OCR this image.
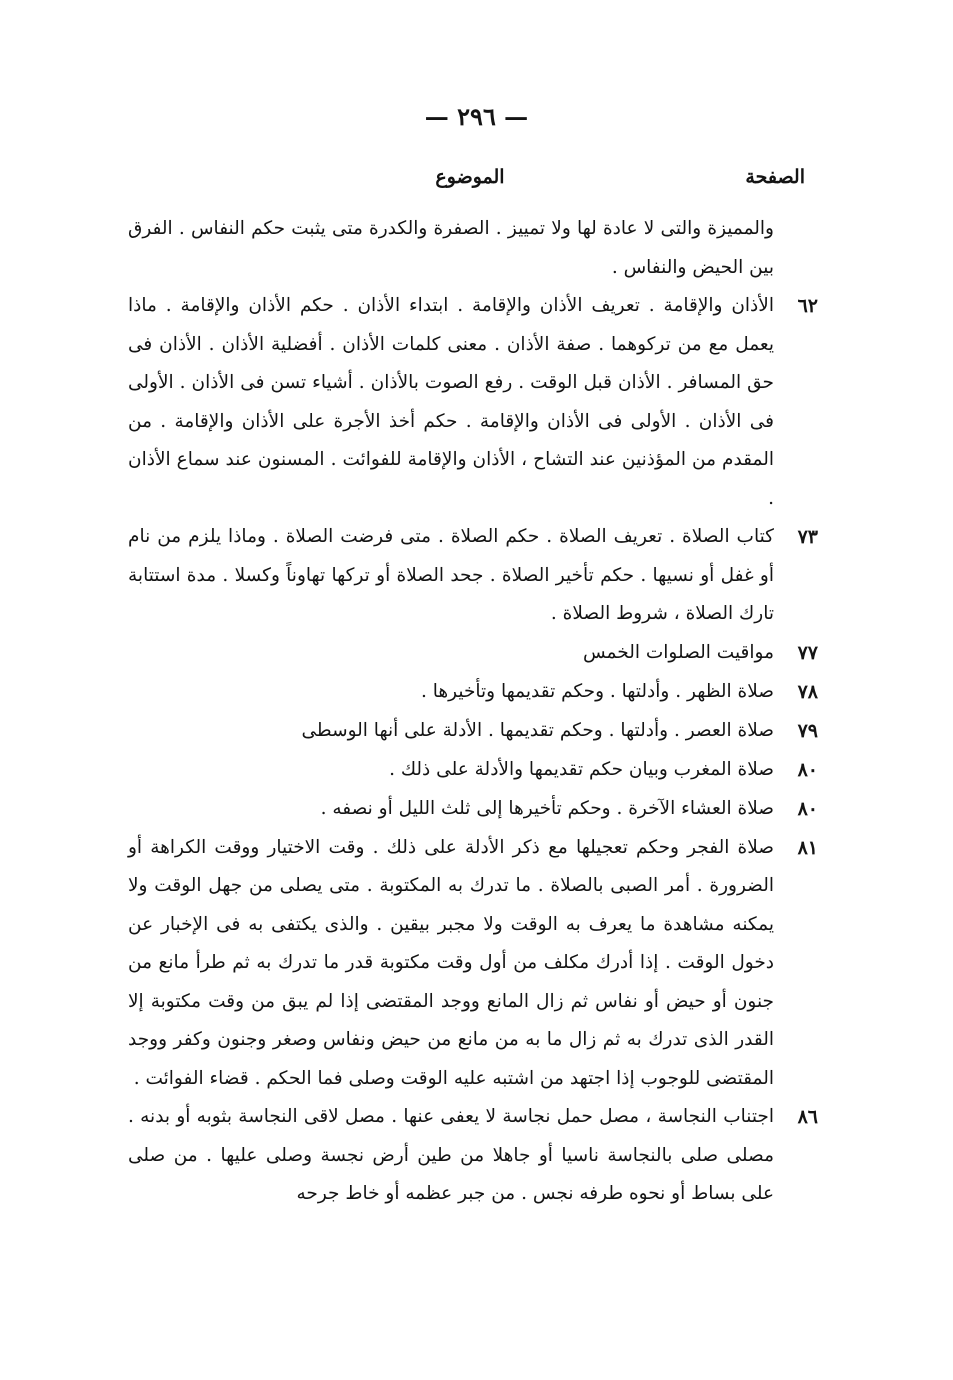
— ٢٩٦ —
الصفحة
الموضوع
والمميزة والتى لا عادة لها ولا تمييز . الصفرة والكدرة متى يثبت حكم النفاس . الفرق بين الحيض والنفاس .
٦٢
الأذان والإقامة . تعريف الأذان والإقامة . ابتداء الأذان . حكم الأذان والإقامة . ماذا يعمل مع من تركوهما . صفة الأذان . معنى كلمات الأذان . أفضلية الأذان . الأذان فى حق المسافر . الأذان قبل الوقت . رفع الصوت بالأذان . أشياء تسن فى الأذان . الأولى فى الأذان . الأولى فى الأذان والإقامة . حكم أخذ الأجرة على الأذان والإقامة . من المقدم من المؤذنين عند التشاح ، الأذان والإقامة للفوائت . المسنون عند سماع الأذان .
٧٣
كتاب الصلاة . تعريف الصلاة . حكم الصلاة . متى فرضت الصلاة . وماذا يلزم من نام أو غفل أو نسيها . حكم تأخير الصلاة . جحد الصلاة أو تركها تهاوناً وكسلا . مدة استتابة تارك الصلاة ، شروط الصلاة .
٧٧
مواقيت الصلوات الخمس
٧٨
صلاة الظهر . وأدلتها . وحكم تقديمها وتأخيرها .
٧٩
صلاة العصر . وأدلتها . وحكم تقديمها . الأدلة على أنها الوسطى
٨٠
صلاة المغرب وبيان حكم تقديمها والأدلة على ذلك .
٨٠
صلاة العشاء الآخرة . وحكم تأخيرها إلى ثلث الليل أو نصفه .
٨١
صلاة الفجر وحكم تعجيلها مع ذكر الأدلة على ذلك . وقت الاختيار ووقت الكراهة أو الضرورة . أمر الصبى بالصلاة . ما تدرك به المكتوبة . متى يصلى من جهل الوقت ولا يمكنه مشاهدة ما يعرف به الوقت ولا مجبر بيقين . والذى يكتفى به فى الإخبار عن دخول الوقت . إذا أدرك مكلف من أول وقت مكتوبة قدر ما تدرك به ثم طرأ مانع من جنون أو حيض أو نفاس ثم زال المانع ووجد المقتضى إذا لم يبق من وقت مكتوبة إلا القدر الذى تدرك به ثم زال ما به من مانع من حيض ونفاس وصغر وجنون وكفر ووجد المقتضى للوجوب إذا اجتهد من اشتبه عليه الوقت وصلى فما الحكم . قضاء الفوائت .
٨٦
اجتناب النجاسة ، مصل حمل نجاسة لا يعفى عنها . مصل لاقى النجاسة بثوبه أو بدنه . مصلى صلى بالنجاسة ناسيا أو جاهلا من طين أرض نجسة وصلى عليها . من صلى على بساط أو نحوه طرفه نجس . من جبر عظمه أو خاط جرحه
